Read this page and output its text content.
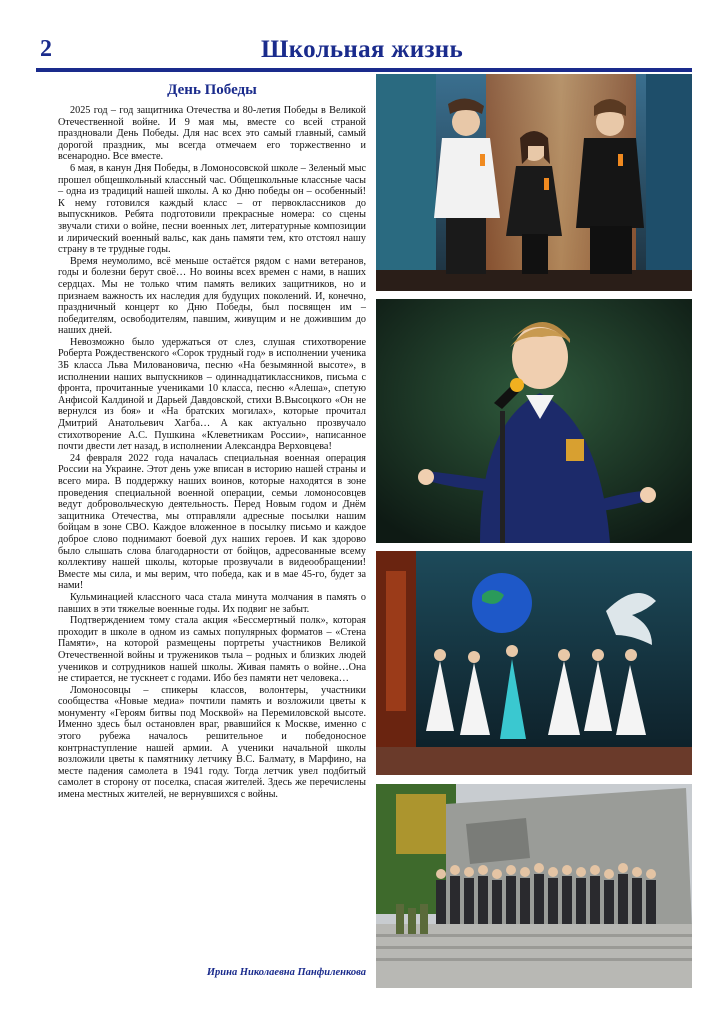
2	Школьная жизнь
День Победы

2025 год – год защитника Отечества и 80-летия Победы в Великой Отечественной войне. И 9 мая мы, вместе со всей страной праздновали День Победы. Для нас всех это самый главный, самый дорогой праздник, мы всегда отмечаем его торжественно и всенародно. Все вместе.

6 мая, в канун Дня Победы, в Ломоносовской школе – Зеленый мыс прошел общешкольный классный час. Общешкольные классные часы – одна из традиций нашей школы. А ко Дню победы он – особенный! К нему готовился каждый класс – от первоклассников до выпускников. Ребята подготовили прекрасные номера: со сцены звучали стихи о войне, песни военных лет, литературные композиции и лирический военный вальс, как дань памяти тем, кто отстоял нашу страну в те трудные годы.

Время неумолимо, всё меньше остаётся рядом с нами ветеранов, годы и болезни берут своё… Но воины всех времен с нами, в наших сердцах. Мы не только чтим память великих защитников, но и признаем важность их наследия для будущих поколений. И, конечно, праздничный концерт ко Дню Победы, был посвящен им – победителям, освободителям, павшим, живущим и не дожившим до наших дней.

Невозможно было удержаться от слез, слушая стихотворение Роберта Рождественского «Сорок трудный год» в исполнении ученика 3Б класса Льва Миловановича, песню «На безымянной высоте», в исполнении наших выпускников – одиннадцатиклассников, письма с фронта, прочитанные учениками 10 класса, песню «Алеша», спетую Анфисой Калдиной и Дарьей Давдовской, стихи В.Высоцкого «Он не вернулся из боя» и «На братских могилах», которые прочитал Дмитрий Анатольевич Хагба… А как актуально прозвучало стихотворение А.С. Пушкина «Клеветникам России», написанное почти двести лет назад, в исполнении Александра Верховцева!

24 февраля 2022 года началась специальная военная операция России на Украине. Этот день уже вписан в историю нашей страны и всего мира. В поддержку наших воинов, которые находятся в зоне проведения специальной военной операции, семьи ломоносовцев ведут добровольческую деятельность. Перед Новым годом и Днём защитника Отечества, мы отправляли адресные посылки нашим бойцам в зоне СВО. Каждое вложенное в посылку письмо и каждое доброе слово поднимают боевой дух наших героев. И как здорово было слышать слова благодарности от бойцов, адресованные всему коллективу нашей школы, которые прозвучали в видеообращении! Вместе мы сила, и мы верим, что победа, как и в мае 45-го, будет за нами!

Кульминацией классного часа стала минута молчания в память о павших в эти тяжелые военные годы. Их подвиг не забыт.

Подтверждением тому стала акция «Бессмертный полк», которая проходит в школе в одном из самых популярных форматов – «Стена Памяти», на которой размещены портреты участников Великой Отечественной войны и тружеников тыла – родных и близких людей учеников и сотрудников нашей школы. Живая память о войне…Она не стирается, не тускнеет с годами. Ибо без памяти нет человека…

Ломоносовцы – спикеры классов, волонтеры, участники сообщества «Новые медиа» почтили память и возложили цветы к монументу «Героям битвы под Москвой» на Перемиловской высоте. Именно здесь был остановлен враг, рвавшийся к Москве, именно с этого рубежа началось решительное и победоносное контрнаступление нашей армии. А ученики начальной школы возложили цветы к памятнику летчику В.С. Балмату, в Марфино, на месте падения самолета в 1941 году. Тогда летчик увел подбитый самолет в сторону от поселка, спасая жителей. Здесь же перечислены имена местных жителей, не вернувшихся с войны.

Ирина Николаевна Панфиленкова
